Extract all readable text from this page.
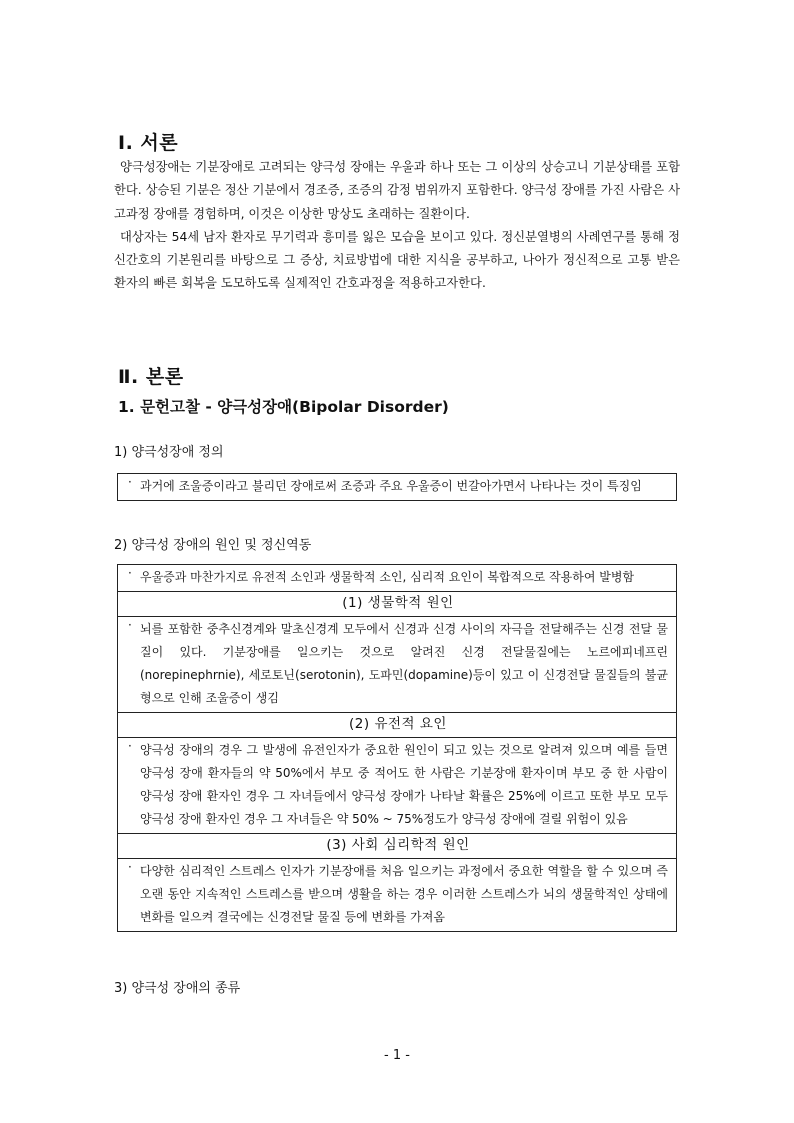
Ⅰ. 서론

양극성장애는 기분장애로 고려되는 양극성 장애는 우울과 하나 또는 그 이상의 상승고니 기분상태를 포함한다. 상승된 기분은 정산 기분에서 경조증, 조증의 감정 범위까지 포함한다. 양극성 장애를 가진 사람은 사고과정 장애를 경험하며, 이것은 이상한 망상도 초래하는 질환이다.

대상자는 54세 남자 환자로 무기력과 흥미를 잃은 모습을 보이고 있다. 정신분열병의 사례연구를 통해 정신간호의 기본원리를 바탕으로 그 증상, 치료방법에 대한 지식을 공부하고, 나아가 정신적으로 고통 받은 환자의 빠른 회복을 도모하도록 실제적인 간호과정을 적용하고자한다.

Ⅱ. 본론
1. 문헌고찰 - 양극성장애(Bipolar Disorder)
1) 양극성장애 정의
· 과거에 조울증이라고 불리던 장애로써 조증과 주요 우울증이 번갈아가면서 나타나는 것이 특징임
2) 양극성 장애의 원인 및 정신역동
· 우울증과 마찬가지로 유전적 소인과 생물학적 소인, 심리적 요인이 복합적으로 작용하여 발병함

(1) 생물학적 원인

· 뇌를 포함한 중추신경계와 말초신경계 모두에서 신경과 신경 사이의 자극을 전달해주는 신경 전달 물질이 있다. 기분장애를 일으키는 것으로 알려진 신경 전달물질에는 노르에피네프린(norepinephrnie), 세로토닌(serotonin), 도파민(dopamine)등이 있고 이 신경전달 물질들의 불균형으로 인해 조울증이 생김

(2) 유전적 요인

· 양극성 장애의 경우 그 발생에 유전인자가 중요한 원인이 되고 있는 것으로 알려져 있으며 예를 들면 양극성 장애 환자들의 약 50%에서 부모 중 적어도 한 사람은 기분장애 환자이며 부모 중 한 사람이 양극성 장애 환자인 경우 그 자녀들에서 양극성 장애가 나타날 확률은 25%에 이르고 또한 부모 모두 양극성 장애 환자인 경우 그 자녀들은 약 50% ~ 75%정도가 양극성 장애에 걸릴 위험이 있음

(3) 사회 심리학적 원인

· 다양한 심리적인 스트레스 인자가 기분장애를 처음 일으키는 과정에서 중요한 역할을 할 수 있으며 즉 오랜 동안 지속적인 스트레스를 받으며 생활을 하는 경우 이러한 스트레스가 뇌의 생물학적인 상태에 변화를 일으켜 결국에는 신경전달 물질 등에 변화를 가져옴
3) 양극성 장애의 종류
- 1 -
